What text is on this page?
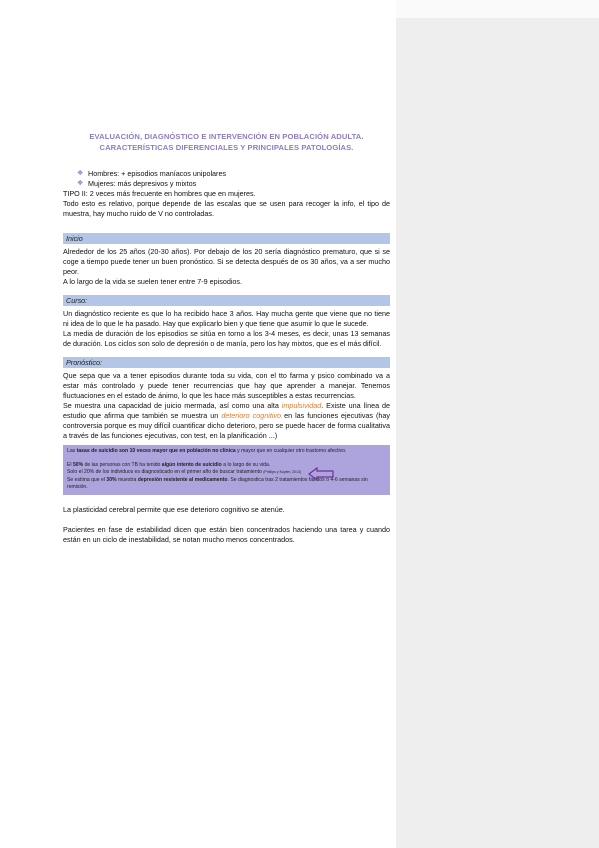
EVALUACIÓN, DIAGNÓSTICO E INTERVENCIÓN EN POBLACIÓN ADULTA.
CARACTERÍSTICAS DIFERENCIALES Y PRINCIPALES PATOLOGÍAS.
❖ Hombres: + episodios maníacos unipolares
❖ Mujeres: más depresivos y mixtos

TIPO II: 2 veces más frecuente en hombres que en mujeres.

Todo esto es relativo, porque depende de las escalas que se usen para recoger la info, el tipo de muestra, hay mucho ruido de V no controladas.

Inicio

Alrededor de los 25 años (20-30 años). Por debajo de los 20 sería diagnóstico prematuro, que si se coge a tiempo puede tener un buen pronóstico. Si se detecta después de os 30 años, va a ser mucho peor.

A lo largo de la vida se suelen tener entre 7-9 episodios.

Curso:

Un diagnóstico reciente es que lo ha recibido hace 3 años. Hay mucha gente que viene que no tiene ni idea de lo que le ha pasado. Hay que explicarlo bien y que tiene que asumir lo que le sucede.

La media de duración de los episodios se sitúa en torno a los 3-4 meses, es decir, unas 13 semanas de duración. Los ciclos son solo de depresión o de manía, pero los hay mixtos, que es el más difícil.

Pronóstico:

Que sepa que va a tener episodios durante toda su vida, con el tto farma y psico combinado va a estar más controlado y puede tener recurrencias que hay que aprender a manejar. Tenemos fluctuaciones en el estado de ánimo, lo que les hace más susceptibles a estas recurrencias.

Se muestra una capacidad de juicio mermada, así como una alta impulsividad. Existe una línea de estudio que afirma que también se muestra un deterioro cognitivo en las funciones ejecutivas (hay controversia porque es muy difícil cuantificar dicho deterioro, pero se puede hacer de forma cualitativa a través de las funciones ejecutivas, con test, en la planificación ...)

Las tasas de suicidio son 10 veces mayor que en población no clínica y mayor que en cualquier otro trastorno afectivo.
El 50% de las personas con TB ha tenido algún intento de suicidio a lo largo de su vida.
Solo el 20% de los individuos es diagnosticado en el primer año de buscar tratamiento (Phillips y Kupfer, 2013)
Se estima que el 30% muestra depresión resistente al medicamento. Se diagnostica tras 2 tratamientos fallidos o 4-6 semanas sin remisión.

La plasticidad cerebral permite que ese deterioro cognitivo se atenúe.

Pacientes en fase de estabilidad dicen que están bien concentrados haciendo una tarea y cuando están en un ciclo de inestabilidad, se notan mucho menos concentrados.
